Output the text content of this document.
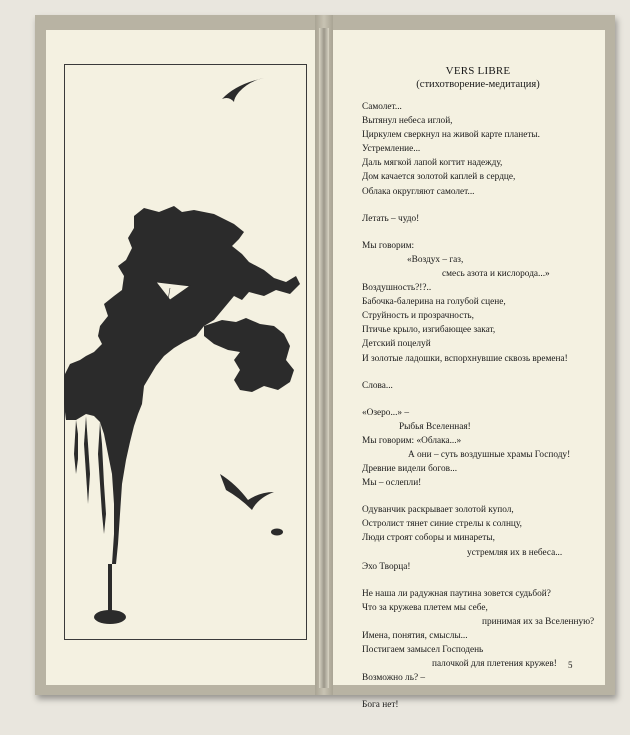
VERS LIBRE
(стихотворение-медитация)
Самолет...
Вытянул небеса иглой,
Циркулем сверкнул на живой карте планеты.
Устремление...
Даль мягкой лапой когтит надежду,
Дом качается золотой каплей в сердце,
Облака округляют самолет...
Летать – чудо!
Мы говорим:
«Воздух – газ,
смесь азота и кислорода...»
Воздушность?!?..
Бабочка-балерина на голубой сцене,
Струйность и прозрачность,
Птичье крыло, изгибающее закат,
Детский поцелуй
И золотые ладошки, вспорхнувшие сквозь времена!
Слова...
«Озеро...» –
Рыбья Вселенная!
Мы говорим: «Облака...»
А они – суть воздушные храмы Господу!
Древние видели богов...
Мы – ослепли!
Одуванчик раскрывает золотой купол,
Остролист тянет синие стрелы к солнцу,
Люди строят соборы и минареты,
устремляя их в небеса...
Эхо Творца!
Не наша ли радужная паутина зовется судьбой?
Что за кружева плетем мы себе,
принимая их за Вселенную?
Имена, понятия, смыслы...
Постигаем замысел Господень
палочкой для плетения кружев!
Возможно ль? –
Бога нет!
5
